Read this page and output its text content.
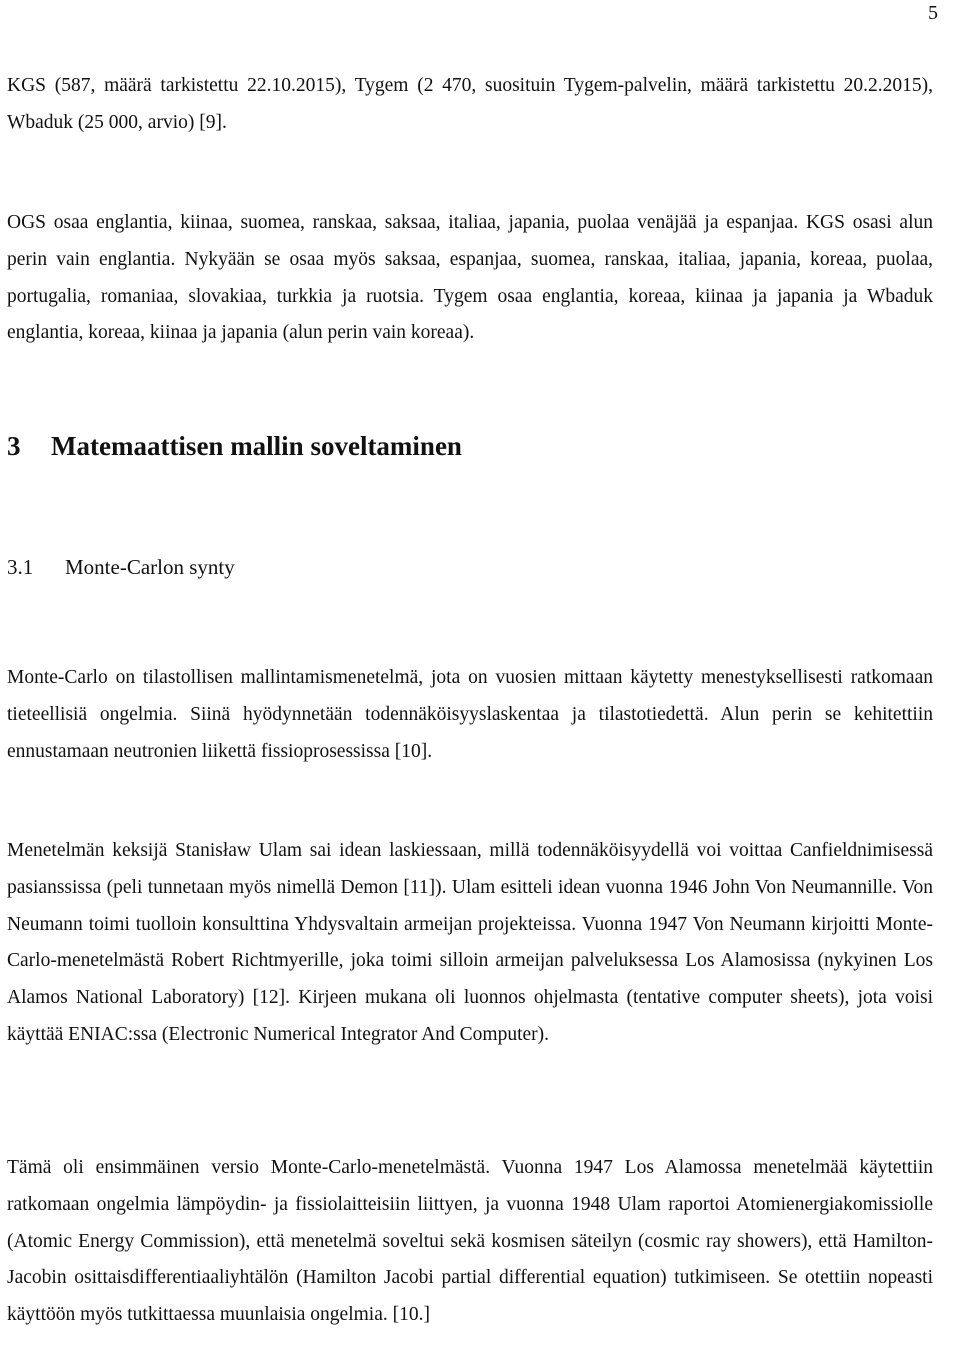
5

KGS (587, määrä tarkistettu 22.10.2015), Tygem (2 470, suosituin Tygem-palvelin, määrä tarkistettu 20.2.2015), Wbaduk (25 000, arvio) [9].

OGS osaa englantia, kiinaa, suomea, ranskaa, saksaa, italiaa, japania, puolaa venäjää ja espanjaa. KGS osasi alun perin vain englantia. Nykyään se osaa myös saksaa, espanjaa, suomea, ranskaa, italiaa, japania, koreaa, puolaa, portugalia, romaniaa, slovakiaa, turkkia ja ruotsia. Tygem osaa englantia, koreaa, kiinaa ja japania ja Wbaduk englantia, koreaa, kiinaa ja japania (alun perin vain koreaa).

3 Matemaattisen mallin soveltaminen
3.1 Monte-Carlon synty

Monte-Carlo on tilastollisen mallintamismenetelmä, jota on vuosien mittaan käytetty menestyksellisesti ratkomaan tieteellisiä ongelmia. Siinä hyödynnetään todennäköisyyslaskentaa ja tilastotiedettä. Alun perin se kehitettiin ennustamaan neutronien liikettä fissioprosessissa [10].

Menetelmän keksijä Stanisław Ulam sai idean laskiessaan, millä todennäköisyydellä voi voittaa Canfieldnimisessä pasianssissa (peli tunnetaan myös nimellä Demon [11]). Ulam esitteli idean vuonna 1946 John Von Neumannille. Von Neumann toimi tuolloin konsulttina Yhdysvaltain armeijan projekteissa. Vuonna 1947 Von Neumann kirjoitti Monte-Carlo-menetelmästä Robert Richtmyerille, joka toimi silloin armeijan palveluksessa Los Alamosissa (nykyinen Los Alamos National Laboratory) [12]. Kirjeen mukana oli luonnos ohjelmasta (tentative computer sheets), jota voisi käyttää ENIAC:ssa (Electronic Numerical Integrator And Computer).

Tämä oli ensimmäinen versio Monte-Carlo-menetelmästä. Vuonna 1947 Los Alamossa menetelmää käytettiin ratkomaan ongelmia lämpöydin- ja fissiolaitteisiin liittyen, ja vuonna 1948 Ulam raportoi Atomienergiakomissiolle (Atomic Energy Commission), että menetelmä soveltui sekä kosmisen säteilyn (cosmic ray showers), että Hamilton-Jacobin osittaisdifferentiaaliyhtälön (Hamilton Jacobi partial differential equation) tutkimiseen. Se otettiin nopeasti käyttöön myös tutkittaessa muunlaisia ongelmia. [10.]
